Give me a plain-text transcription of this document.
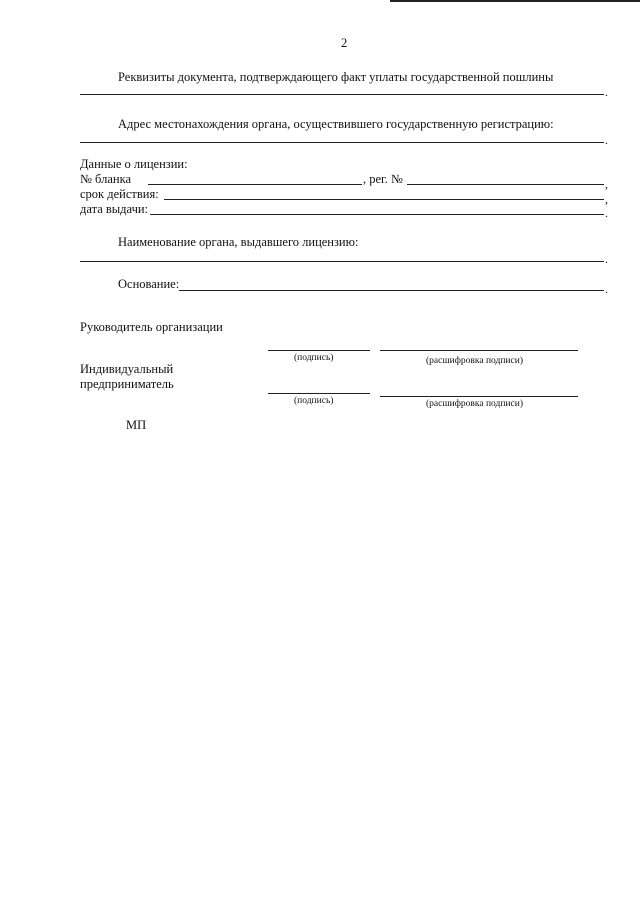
2
Реквизиты документа, подтверждающего факт уплаты государственной пошлины
.
Адрес местонахождения органа, осуществившего государственную регистрацию:
.
Данные о лицензии:
№ бланка	, рег. №	,
срок действия:	,
дата выдачи:	.
Наименование органа, выдавшего лицензию:
.
Основание:	.
Руководитель организации
(подпись)	(расшифровка подписи)
Индивидуальный
предприниматель
(подпись)	(расшифровка подписи)
МП
